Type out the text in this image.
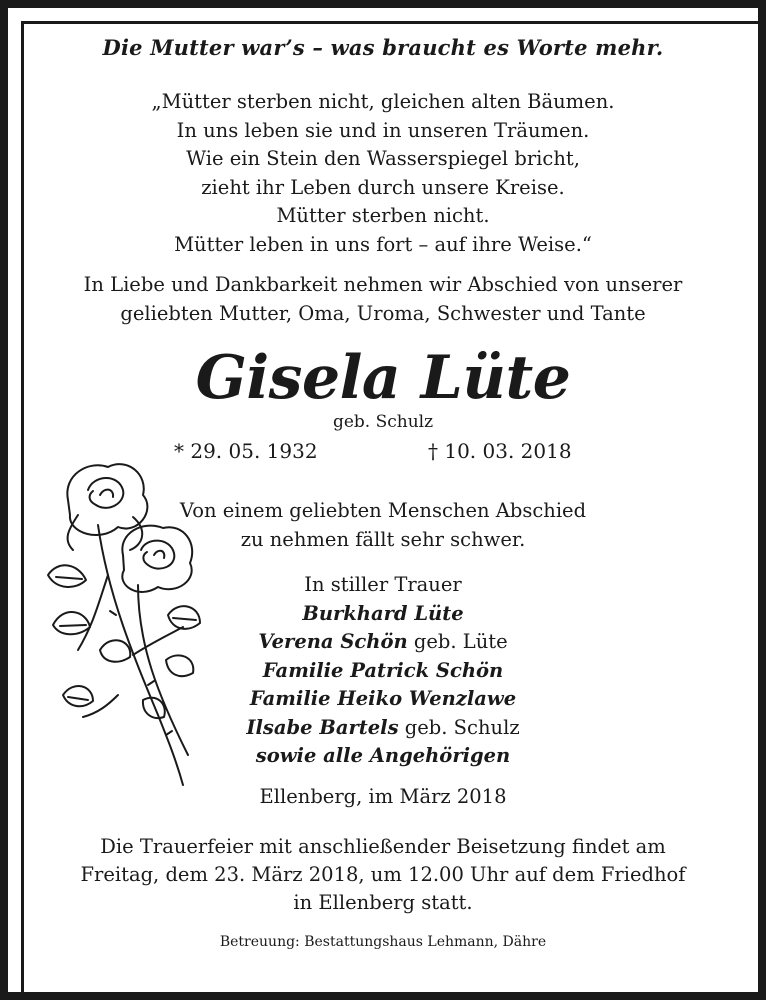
Die Mutter war’s – was braucht es Worte mehr.
„Mütter sterben nicht, gleichen alten Bäumen.
In uns leben sie und in unseren Träumen.
Wie ein Stein den Wasserspiegel bricht,
zieht ihr Leben durch unsere Kreise.
Mütter sterben nicht.
Mütter leben in uns fort – auf ihre Weise.“
In Liebe und Dankbarkeit nehmen wir Abschied von unserer
geliebten Mutter, Oma, Uroma, Schwester und Tante
Gisela Lüte
geb. Schulz
* 29. 05. 1932	† 10. 03. 2018
Von einem geliebten Menschen Abschied
zu nehmen fällt sehr schwer.
In stiller Trauer
Burkhard Lüte
Verena Schön geb. Lüte
Familie Patrick Schön
Familie Heiko Wenzlawe
Ilsabe Bartels geb. Schulz
sowie alle Angehörigen
Ellenberg, im März 2018
Die Trauerfeier mit anschließender Beisetzung findet am
Freitag, dem 23. März 2018, um 12.00 Uhr auf dem Friedhof
in Ellenberg statt.
Betreuung: Bestattungshaus Lehmann, Dähre
